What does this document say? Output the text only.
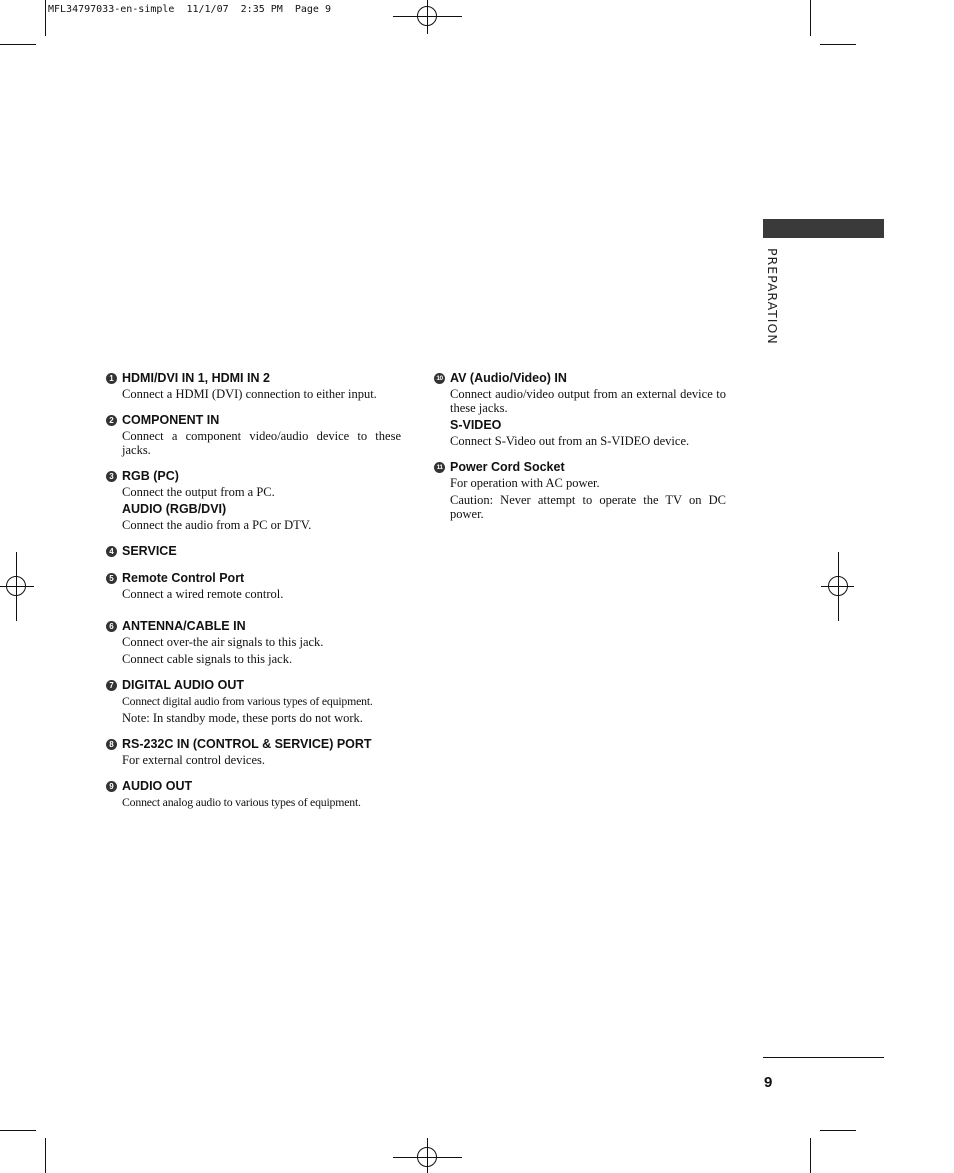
MFL34797033-en-simple  11/1/07  2:35 PM  Page 9
PREPARATION
1 HDMI/DVI IN 1, HDMI IN 2

Connect a HDMI (DVI) connection to either input.

2 COMPONENT IN

Connect a component video/audio device to these jacks.

3 RGB (PC)

Connect the output from a PC.

AUDIO (RGB/DVI)

Connect the audio from a PC or DTV.

4 SERVICE

5 Remote Control Port

Connect a wired remote control.

6 ANTENNA/CABLE IN

Connect over-the air signals to this jack.

Connect cable signals to this jack.

7 DIGITAL AUDIO OUT

Connect digital audio from various types of equipment.

Note: In standby mode, these ports do not work.

8 RS-232C IN (CONTROL & SERVICE) PORT

For external control devices.

9 AUDIO OUT

Connect analog audio to various types of equipment.

10 AV (Audio/Video) IN

Connect audio/video output from an external device to these jacks.

S-VIDEO

Connect S-Video out from an S-VIDEO device.

11 Power Cord Socket

For operation with AC power.

Caution: Never attempt to operate the TV on DC power.

9
